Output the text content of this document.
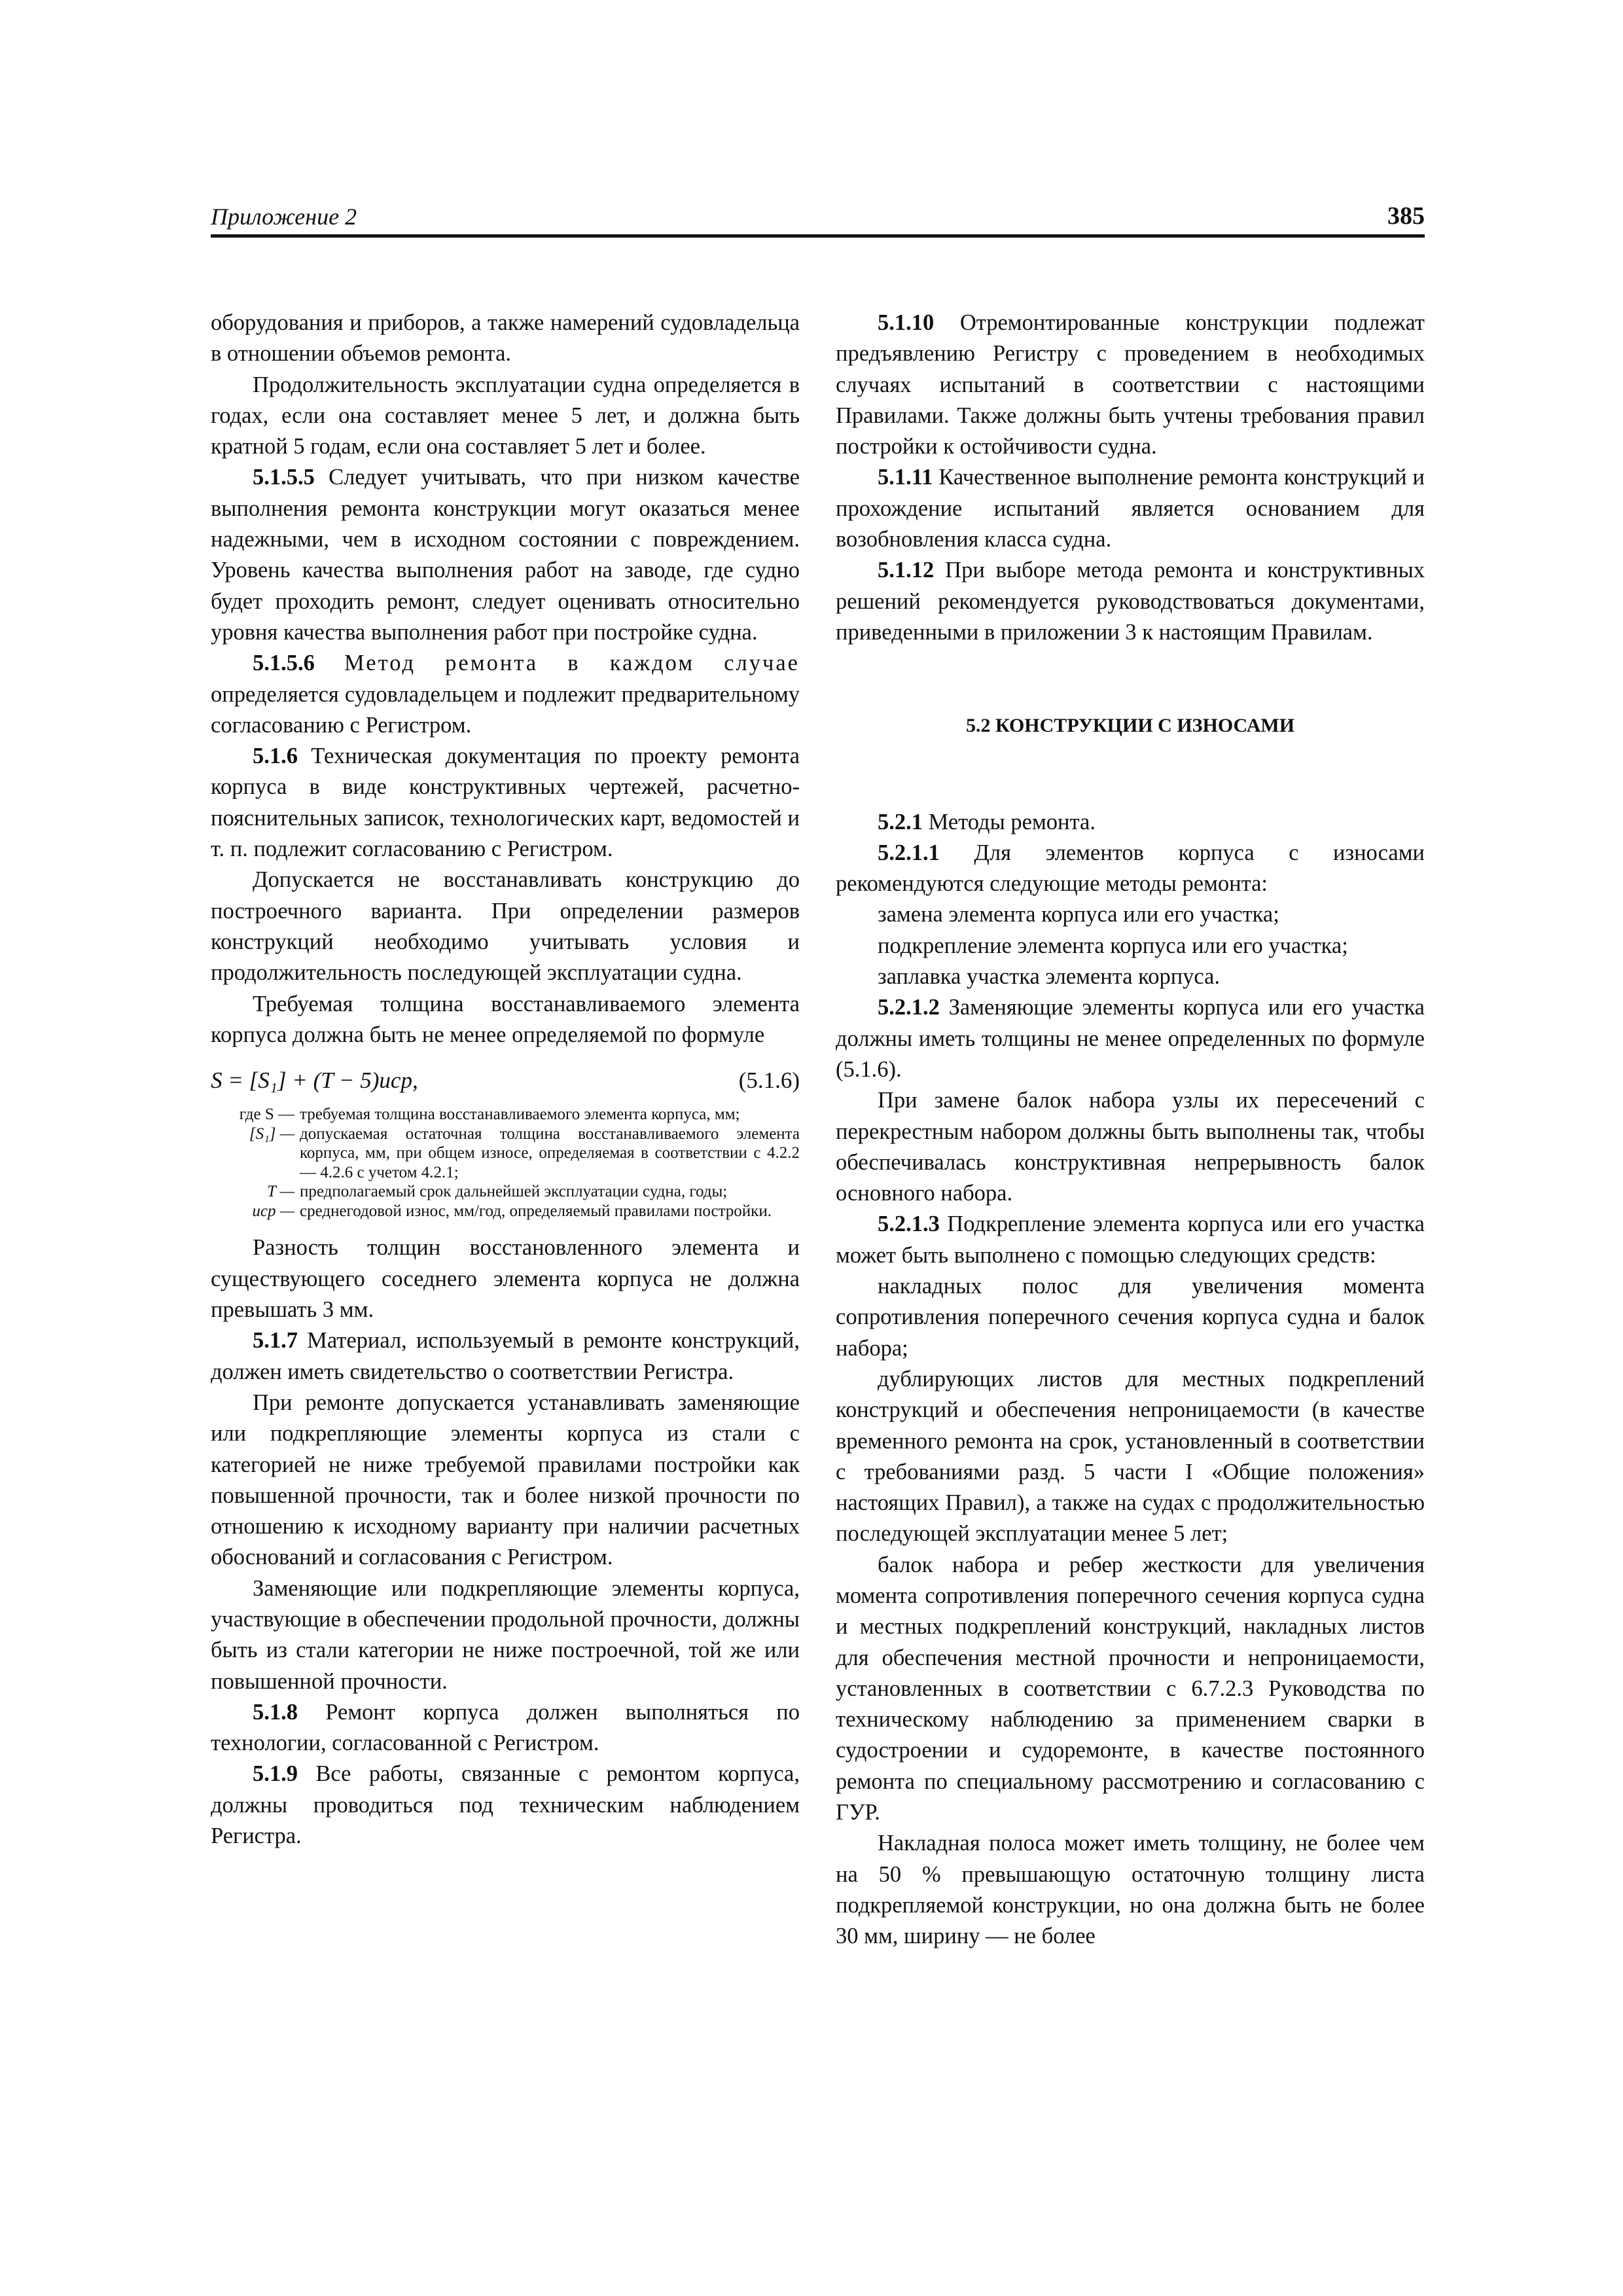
Приложение 2	385

оборудования и приборов, а также намерений судовладельца в отношении объемов ремонта.

Продолжительность эксплуатации судна определяется в годах, если она составляет менее 5 лет, и должна быть кратной 5 годам, если она составляет 5 лет и более.

5.1.5.5 Следует учитывать, что при низком качестве выполнения ремонта конструкции могут оказаться менее надежными, чем в исходном состоянии с повреждением. Уровень качества выполнения работ на заводе, где судно будет проходить ремонт, следует оценивать относительно уровня качества выполнения работ при постройке судна.

5.1.5.6 Метод ремонта в каждом случае определяется судовладельцем и подлежит предварительному согласованию с Регистром.

5.1.6 Техническая документация по проекту ремонта корпуса в виде конструктивных чертежей, расчетно-пояснительных записок, технологических карт, ведомостей и т. п. подлежит согласованию с Регистром.

Допускается не восстанавливать конструкцию до построечного варианта. При определении размеров конструкций необходимо учитывать условия и продолжительность последующей эксплуатации судна.

Требуемая толщина восстанавливаемого элемента корпуса должна быть не менее определяемой по формуле

S = [S₁] + (T − 5)uср,	(5.1.6)
где S — требуемая толщина восстанавливаемого элемента корпуса, мм;
[S₁] — допускаемая остаточная толщина восстанавливаемого элемента корпуса, мм, при общем износе, определяемая в соответствии с 4.2.2 — 4.2.6 с учетом 4.2.1;
T — предполагаемый срок дальнейшей эксплуатации судна, годы;
uср — среднегодовой износ, мм/год, определяемый правилами постройки.

Разность толщин восстановленного элемента и существующего соседнего элемента корпуса не должна превышать 3 мм.

5.1.7 Материал, используемый в ремонте конструкций, должен иметь свидетельство о соответствии Регистра.

При ремонте допускается устанавливать заменяющие или подкрепляющие элементы корпуса из стали с категорией не ниже требуемой правилами постройки как повышенной прочности, так и более низкой прочности по отношению к исходному варианту при наличии расчетных обоснований и согласования с Регистром.

Заменяющие или подкрепляющие элементы корпуса, участвующие в обеспечении продольной прочности, должны быть из стали категории не ниже построечной, той же или повышенной прочности.

5.1.8 Ремонт корпуса должен выполняться по технологии, согласованной с Регистром.

5.1.9 Все работы, связанные с ремонтом корпуса, должны проводиться под техническим наблюдением Регистра.

5.1.10 Отремонтированные конструкции подлежат предъявлению Регистру с проведением в необходимых случаях испытаний в соответствии с настоящими Правилами. Также должны быть учтены требования правил постройки к остойчивости судна.

5.1.11 Качественное выполнение ремонта конструкций и прохождение испытаний является основанием для возобновления класса судна.

5.1.12 При выборе метода ремонта и конструктивных решений рекомендуется руководствоваться документами, приведенными в приложении 3 к настоящим Правилам.

5.2 КОНСТРУКЦИИ С ИЗНОСАМИ

5.2.1 Методы ремонта.

5.2.1.1 Для элементов корпуса с износами рекомендуются следующие методы ремонта:

замена элемента корпуса или его участка;

подкрепление элемента корпуса или его участка;

заплавка участка элемента корпуса.

5.2.1.2 Заменяющие элементы корпуса или его участка должны иметь толщины не менее определенных по формуле (5.1.6).

При замене балок набора узлы их пересечений с перекрестным набором должны быть выполнены так, чтобы обеспечивалась конструктивная непрерывность балок основного набора.

5.2.1.3 Подкрепление элемента корпуса или его участка может быть выполнено с помощью следующих средств:

накладных полос для увеличения момента сопротивления поперечного сечения корпуса судна и балок набора;

дублирующих листов для местных подкреплений конструкций и обеспечения непроницаемости (в качестве временного ремонта на срок, установленный в соответствии с требованиями разд. 5 части I «Общие положения» настоящих Правил), а также на судах с продолжительностью последующей эксплуатации менее 5 лет;

балок набора и ребер жесткости для увеличения момента сопротивления поперечного сечения корпуса судна и местных подкреплений конструкций, накладных листов для обеспечения местной прочности и непроницаемости, установленных в соответствии с 6.7.2.3 Руководства по техническому наблюдению за применением сварки в судостроении и судоремонте, в качестве постоянного ремонта по специальному рассмотрению и согласованию с ГУР.

Накладная полоса может иметь толщину, не более чем на 50 % превышающую остаточную толщину листа подкрепляемой конструкции, но она должна быть не более 30 мм, ширину — не более
